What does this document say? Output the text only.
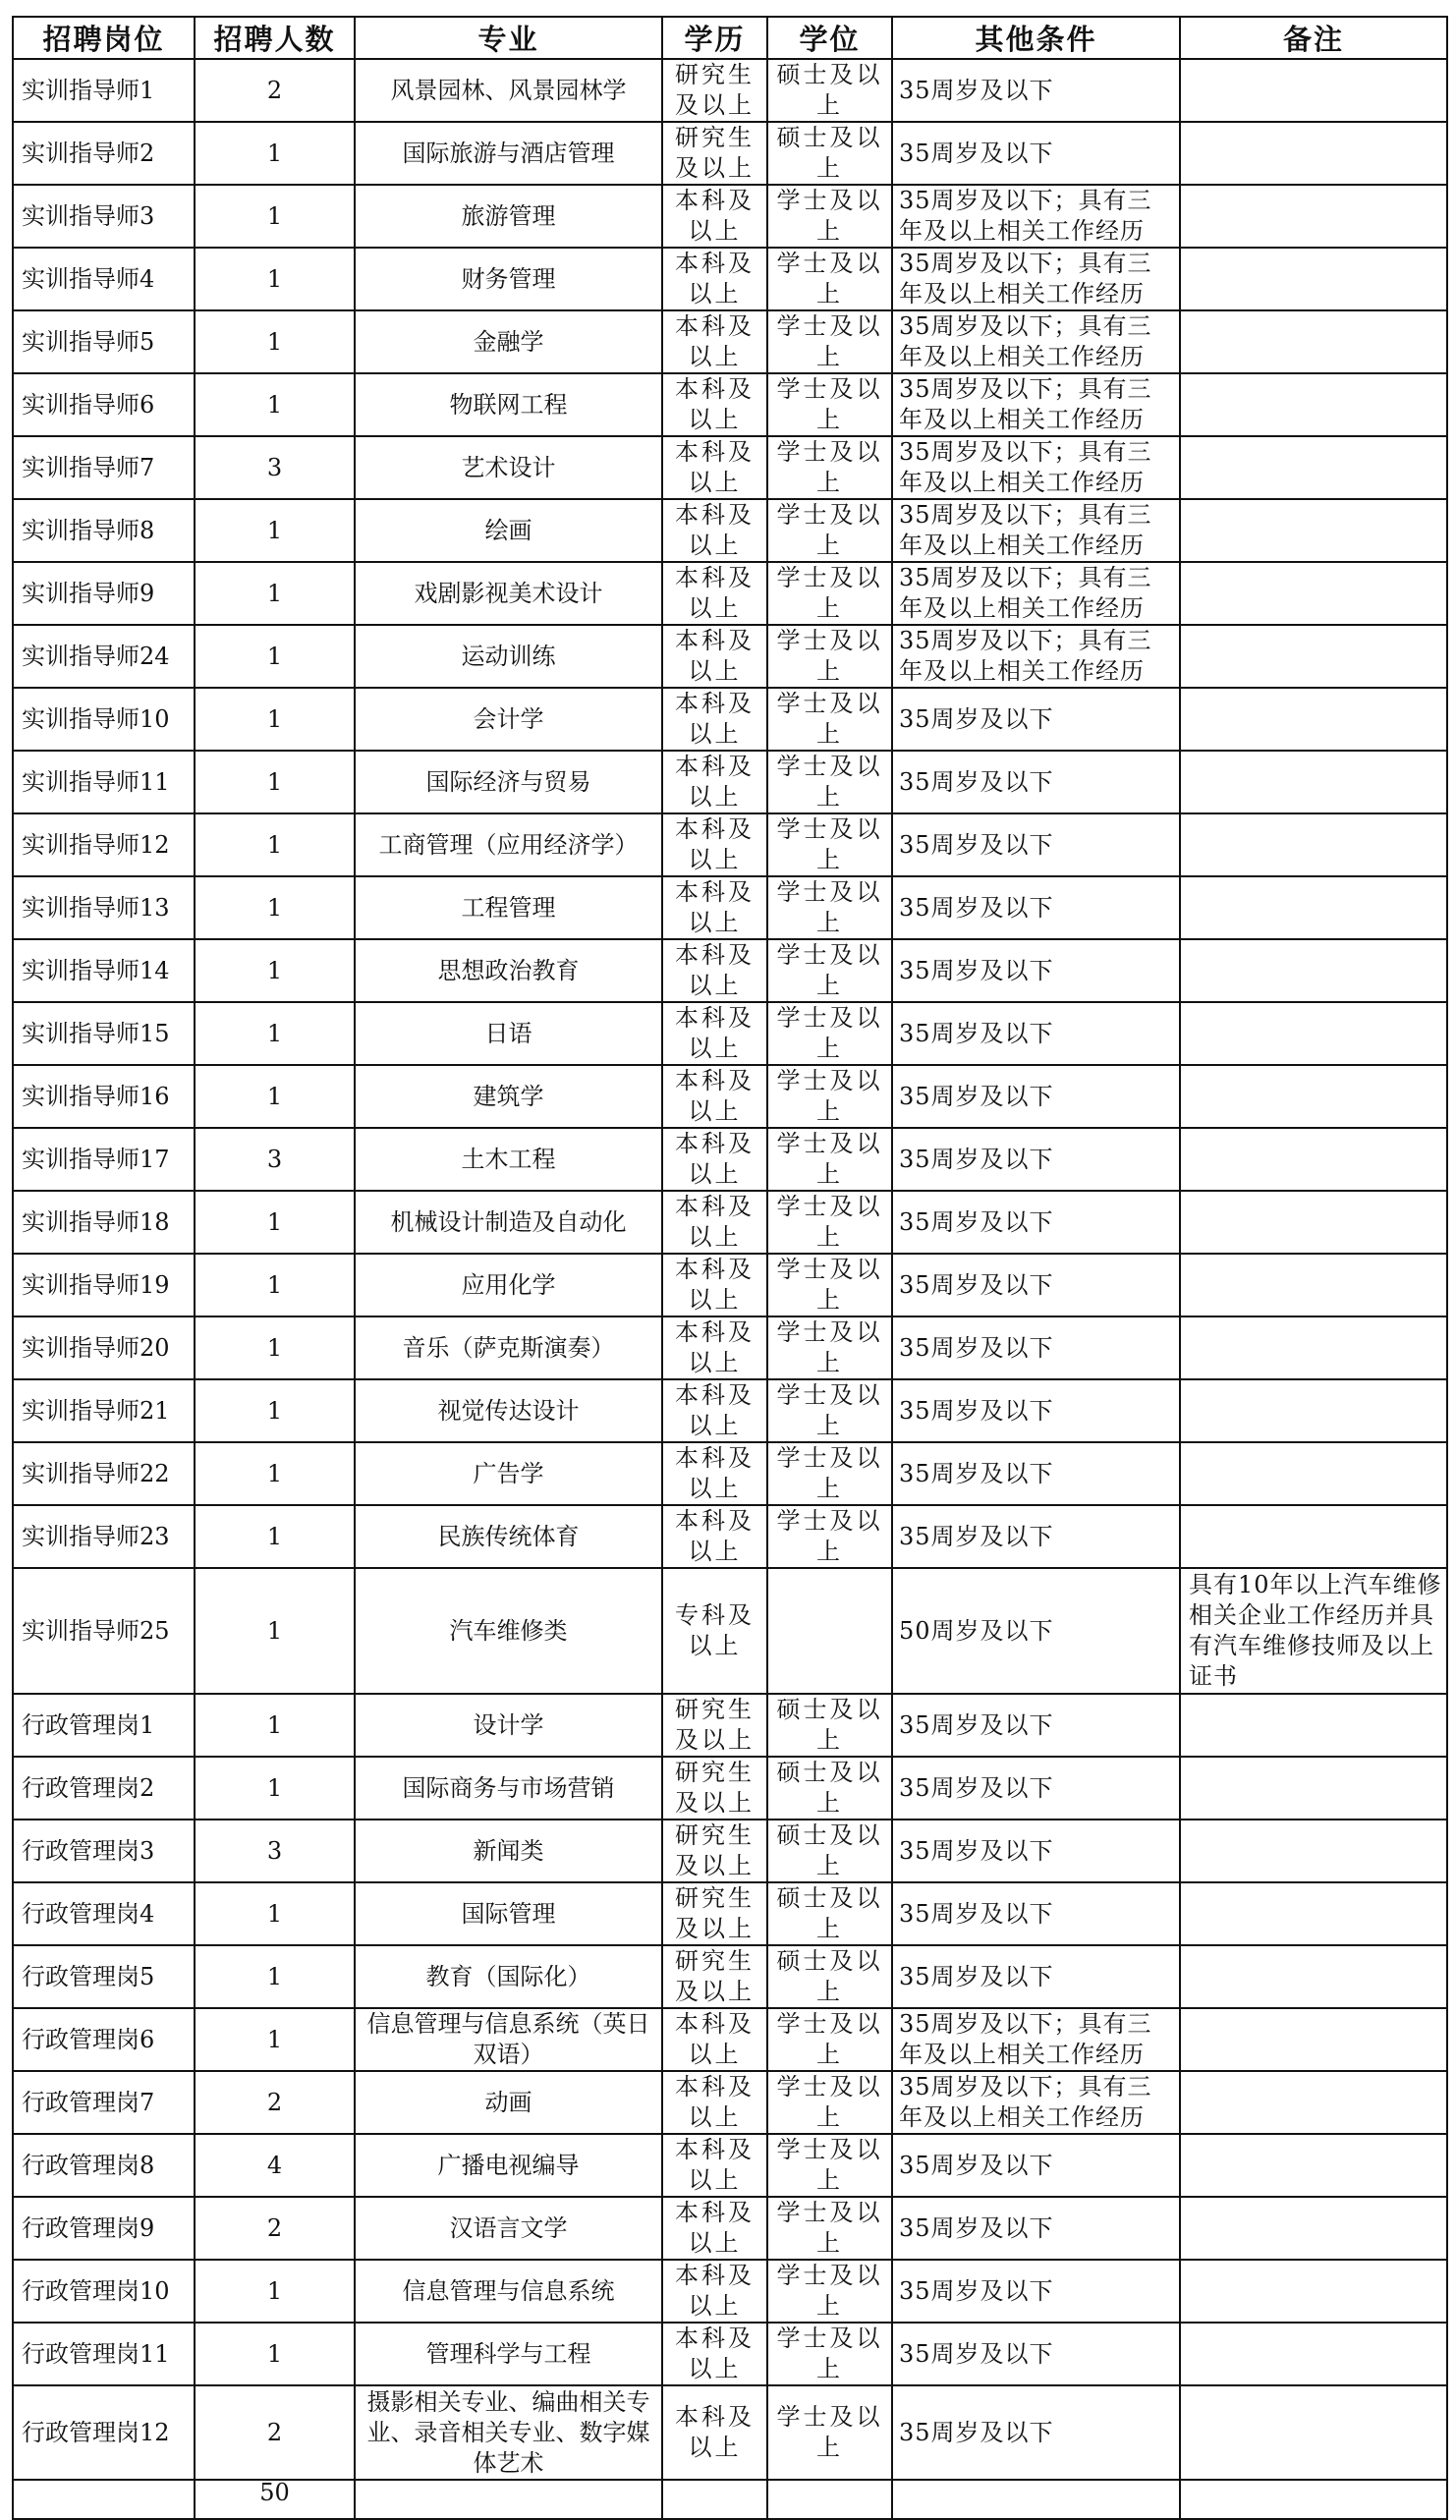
招聘岗位	招聘人数	专业	学历	学位	其他条件	备注
实训指导师1	2	风景园林、风景园林学	研究生及以上	硕士及以上	35周岁及以下	
实训指导师2	1	国际旅游与酒店管理	研究生及以上	硕士及以上	35周岁及以下	
实训指导师3	1	旅游管理	本科及以上	学士及以上	35周岁及以下；具有三年及以上相关工作经历	
实训指导师4	1	财务管理	本科及以上	学士及以上	35周岁及以下；具有三年及以上相关工作经历	
实训指导师5	1	金融学	本科及以上	学士及以上	35周岁及以下；具有三年及以上相关工作经历	
实训指导师6	1	物联网工程	本科及以上	学士及以上	35周岁及以下；具有三年及以上相关工作经历	
实训指导师7	3	艺术设计	本科及以上	学士及以上	35周岁及以下；具有三年及以上相关工作经历	
实训指导师8	1	绘画	本科及以上	学士及以上	35周岁及以下；具有三年及以上相关工作经历	
实训指导师9	1	戏剧影视美术设计	本科及以上	学士及以上	35周岁及以下；具有三年及以上相关工作经历	
实训指导师24	1	运动训练	本科及以上	学士及以上	35周岁及以下；具有三年及以上相关工作经历	
实训指导师10	1	会计学	本科及以上	学士及以上	35周岁及以下	
实训指导师11	1	国际经济与贸易	本科及以上	学士及以上	35周岁及以下	
实训指导师12	1	工商管理（应用经济学）	本科及以上	学士及以上	35周岁及以下	
实训指导师13	1	工程管理	本科及以上	学士及以上	35周岁及以下	
实训指导师14	1	思想政治教育	本科及以上	学士及以上	35周岁及以下	
实训指导师15	1	日语	本科及以上	学士及以上	35周岁及以下	
实训指导师16	1	建筑学	本科及以上	学士及以上	35周岁及以下	
实训指导师17	3	土木工程	本科及以上	学士及以上	35周岁及以下	
实训指导师18	1	机械设计制造及自动化	本科及以上	学士及以上	35周岁及以下	
实训指导师19	1	应用化学	本科及以上	学士及以上	35周岁及以下	
实训指导师20	1	音乐（萨克斯演奏）	本科及以上	学士及以上	35周岁及以下	
实训指导师21	1	视觉传达设计	本科及以上	学士及以上	35周岁及以下	
实训指导师22	1	广告学	本科及以上	学士及以上	35周岁及以下	
实训指导师23	1	民族传统体育	本科及以上	学士及以上	35周岁及以下	
实训指导师25	1	汽车维修类	专科及以上		50周岁及以下	具有10年以上汽车维修相关企业工作经历并具有汽车维修技师及以上证书
行政管理岗1	1	设计学	研究生及以上	硕士及以上	35周岁及以下	
行政管理岗2	1	国际商务与市场营销	研究生及以上	硕士及以上	35周岁及以下	
行政管理岗3	3	新闻类	研究生及以上	硕士及以上	35周岁及以下	
行政管理岗4	1	国际管理	研究生及以上	硕士及以上	35周岁及以下	
行政管理岗5	1	教育（国际化）	研究生及以上	硕士及以上	35周岁及以下	
行政管理岗6	1	信息管理与信息系统（英日双语）	本科及以上	学士及以上	35周岁及以下；具有三年及以上相关工作经历	
行政管理岗7	2	动画	本科及以上	学士及以上	35周岁及以下；具有三年及以上相关工作经历	
行政管理岗8	4	广播电视编导	本科及以上	学士及以上	35周岁及以下	
行政管理岗9	2	汉语言文学	本科及以上	学士及以上	35周岁及以下	
行政管理岗10	1	信息管理与信息系统	本科及以上	学士及以上	35周岁及以下	
行政管理岗11	1	管理科学与工程	本科及以上	学士及以上	35周岁及以下	
行政管理岗12	2	摄影相关专业、编曲相关专业、录音相关专业、数字媒体艺术	本科及以上	学士及以上	35周岁及以下	
	50					
